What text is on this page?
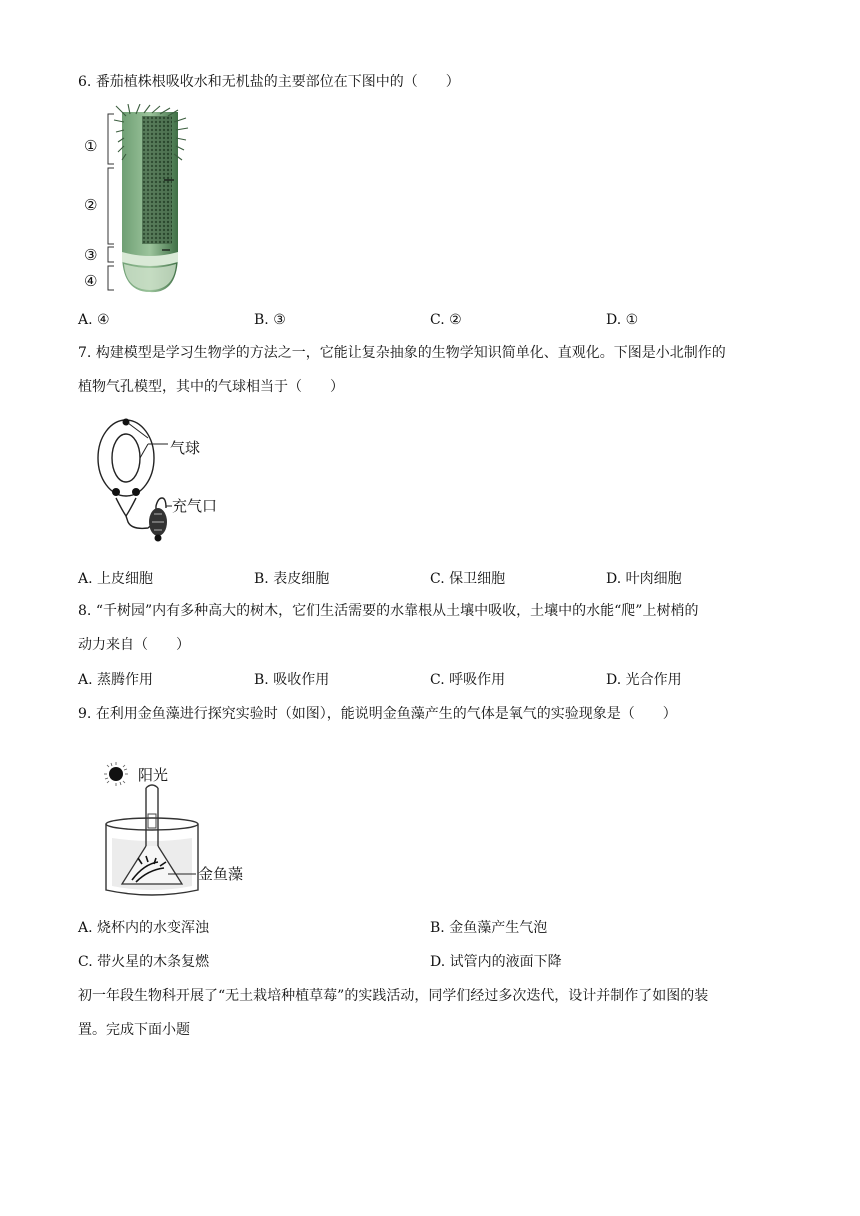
6. 番茄植株根吸收水和无机盐的主要部位在下图中的（　　）
①
②
③
④
A. ④	B. ③	C. ②	D. ①
7. 构建模型是学习生物学的方法之一，它能让复杂抽象的生物学知识简单化、直观化。下图是小北制作的
植物气孔模型，其中的气球相当于（　　）
气球
充气口
A. 上皮细胞	B. 表皮细胞	C. 保卫细胞	D. 叶肉细胞
8. “千树园”内有多种高大的树木，它们生活需要的水靠根从土壤中吸收，土壤中的水能“爬”上树梢的
动力来自（　　）
A. 蒸腾作用	B. 吸收作用	C. 呼吸作用	D. 光合作用
9. 在利用金鱼藻进行探究实验时（如图），能说明金鱼藻产生的气体是氧气的实验现象是（　　）
阳光
金鱼藻
A. 烧杯内的水变浑浊	B. 金鱼藻产生气泡
C. 带火星的木条复燃	D. 试管内的液面下降
初一年段生物科开展了“无土栽培种植草莓”的实践活动，同学们经过多次迭代，设计并制作了如图的装
置。完成下面小题
